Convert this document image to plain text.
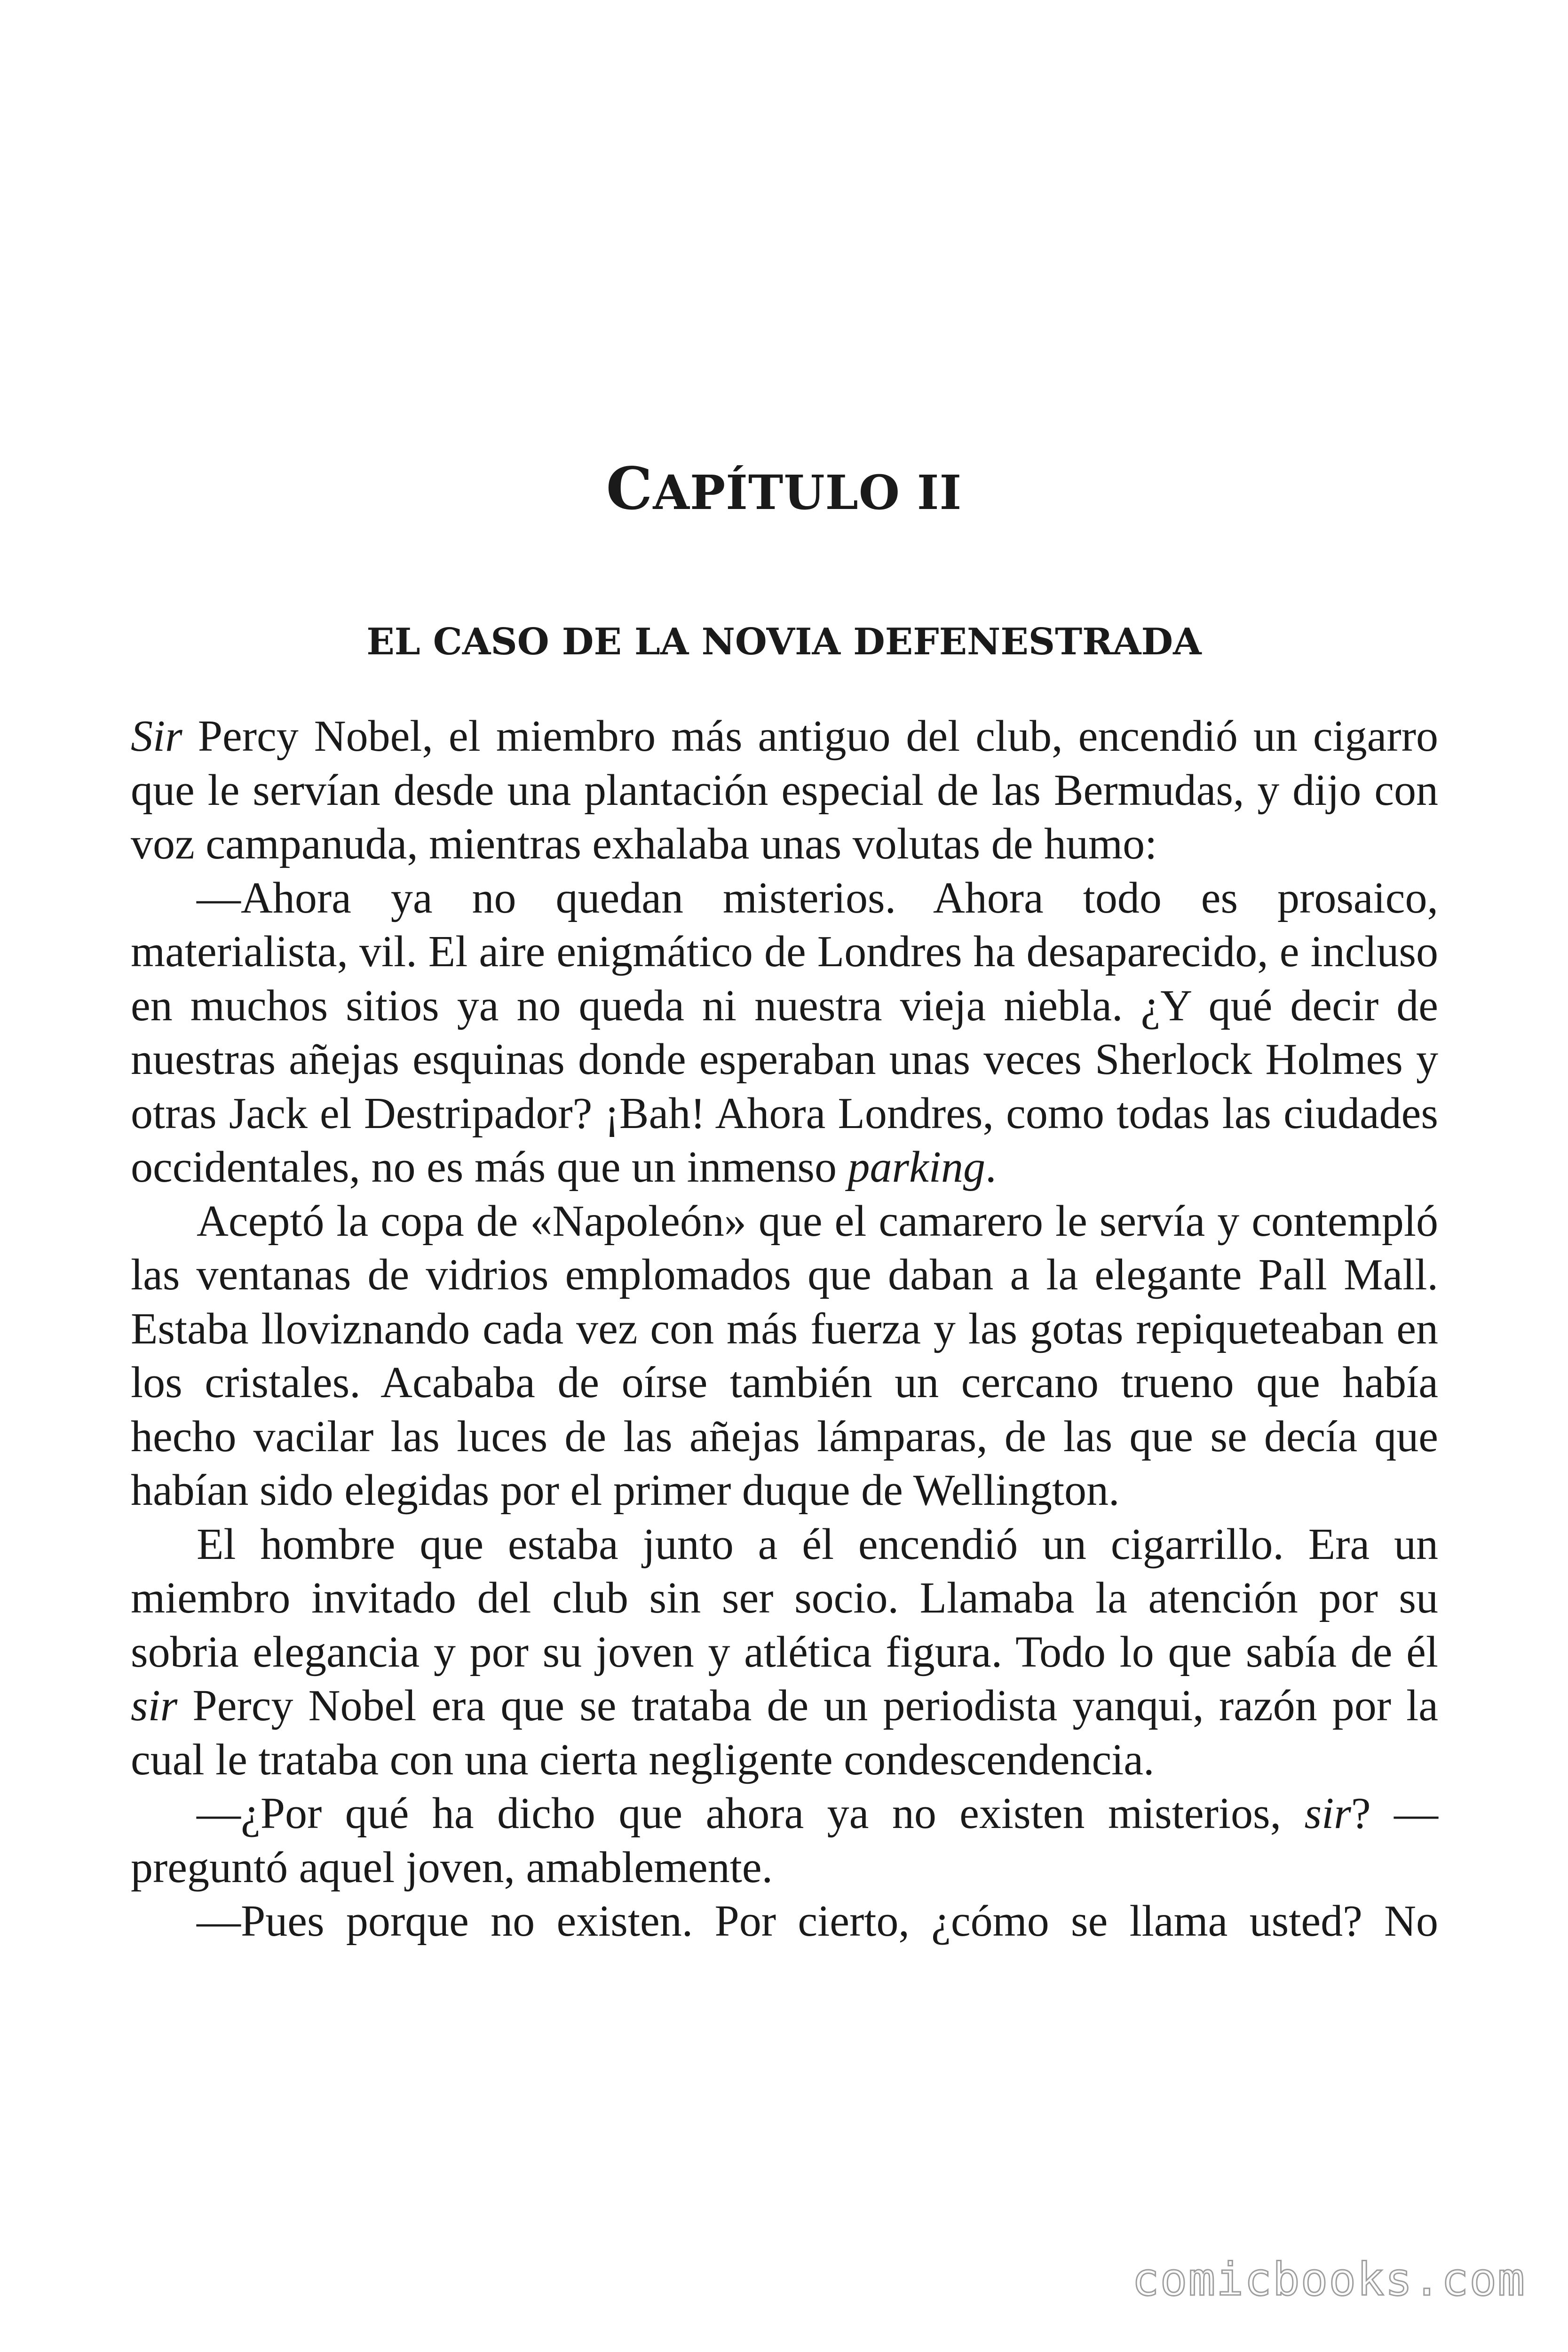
CAPÍTULO II
EL CASO DE LA NOVIA DEFENESTRADA

Sir Percy Nobel, el miembro más antiguo del club, encendió un cigarro que le servían desde una plantación especial de las Bermudas, y dijo con voz campanuda, mientras exhalaba unas volutas de humo:

—Ahora ya no quedan misterios. Ahora todo es prosaico, materialista, vil. El aire enigmático de Londres ha desaparecido, e incluso en muchos sitios ya no queda ni nuestra vieja niebla. ¿Y qué decir de nuestras añejas esquinas donde esperaban unas veces Sherlock Holmes y otras Jack el Destripador? ¡Bah! Ahora Londres, como todas las ciudades occidentales, no es más que un inmenso parking.

Aceptó la copa de «Napoleón» que el camarero le servía y contempló las ventanas de vidrios emplomados que daban a la elegante Pall Mall. Estaba lloviznando cada vez con más fuerza y las gotas repiqueteaban en los cristales. Acababa de oírse también un cercano trueno que había hecho vacilar las luces de las añejas lámparas, de las que se decía que habían sido elegidas por el primer duque de Wellington.

El hombre que estaba junto a él encendió un cigarrillo. Era un miembro invitado del club sin ser socio. Llamaba la atención por su sobria elegancia y por su joven y atlética figura. Todo lo que sabía de él sir Percy Nobel era que se trataba de un periodista yanqui, razón por la cual le trataba con una cierta negligente condescendencia.

—¿Por qué ha dicho que ahora ya no existen misterios, sir? —preguntó aquel joven, amablemente.

—Pues porque no existen. Por cierto, ¿cómo se llama usted? No

comicbooks.com
